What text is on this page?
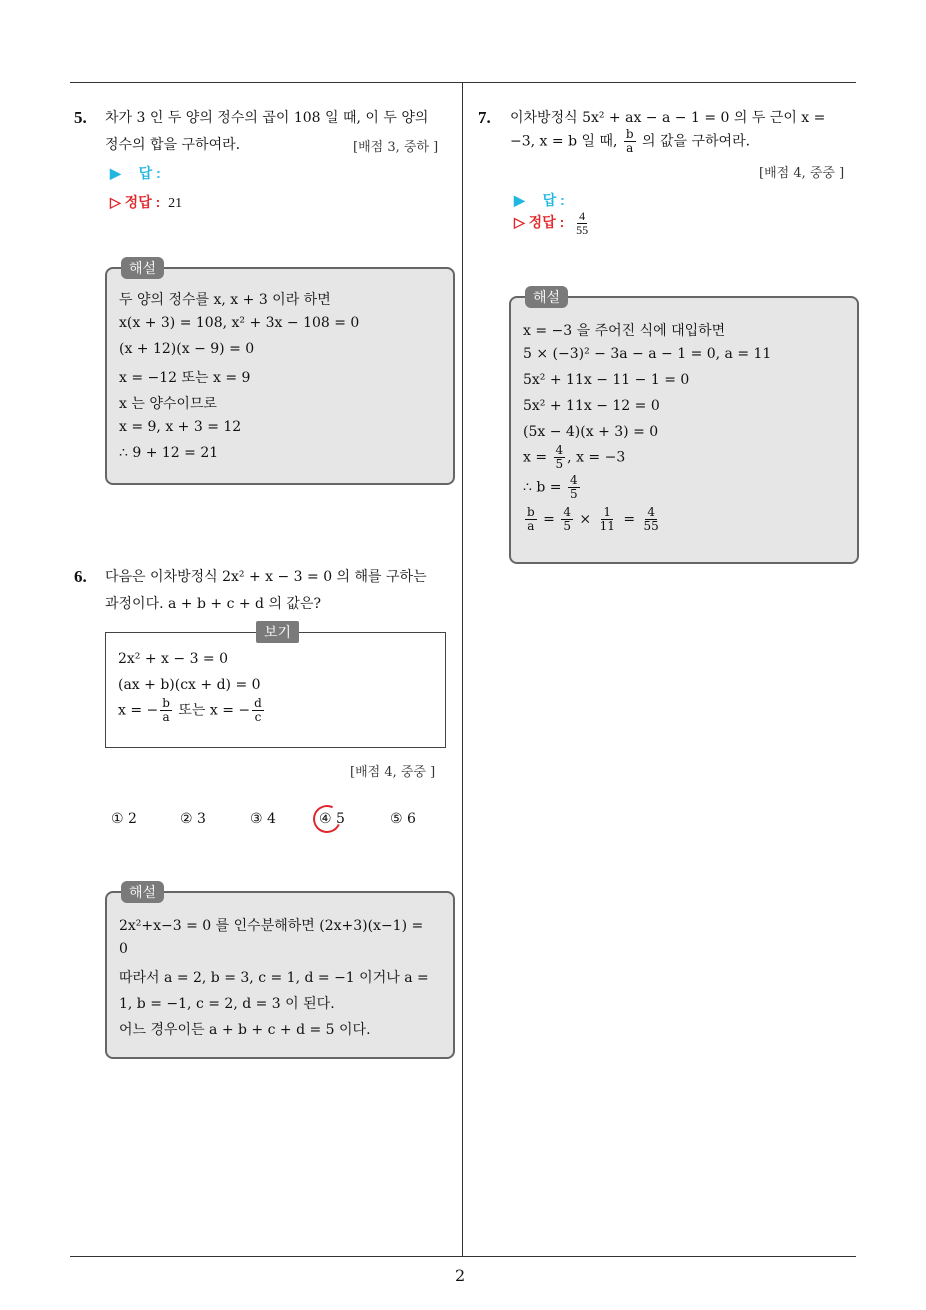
2
5. 차가 3 인 두 양의 정수의 곱이 108 일 때, 이 두 양의
정수의 합을 구하여라.	[배점 3, 중하 ]
▶ 답 :
▷ 정답 : 21
해설
두 양의 정수를 x, x + 3 이라 하면
x(x + 3) = 108, x² + 3x − 108 = 0
(x + 12)(x − 9) = 0
x = −12 또는 x = 9
x 는 양수이므로
x = 9, x + 3 = 12
∴ 9 + 12 = 21
6. 다음은 이차방정식 2x² + x − 3 = 0 의 해를 구하는
과정이다. a + b + c + d 의 값은?
보기
2x² + x − 3 = 0
(ax + b)(cx + d) = 0
x = − $\frac{b}{a}$ 또는 x = − $\frac{d}{c}$
[배점 4, 중중 ]
① 2	② 3	③ 4	④ 5	⑤ 6
해설
2x²+x−3 = 0 를 인수분해하면 (2x+3)(x−1) =
0
따라서 a = 2, b = 3, c = 1, d = −1 이거나 a =
1, b = −1, c = 2, d = 3 이 된다.
어느 경우이든 a + b + c + d = 5 이다.
7. 이차방정식 5x² + ax − a − 1 = 0 의 두 근이 x =
−3, x = b 일 때, $\frac{b}{a}$ 의 값을 구하여라.
[배점 4, 중중 ]
▶ 답 :
▷ 정답 : $\frac{4}{55}$
해설
x = −3 을 주어진 식에 대입하면
5 × (−3)² − 3a − a − 1 = 0, a = 11
5x² + 11x − 11 − 1 = 0
5x² + 11x − 12 = 0
(5x − 4)(x + 3) = 0
$x = \frac{4}{5}$ , x = −3
∴ $b = \frac{4}{5}$
$\frac{b}{a} = \frac{4}{5} \times \frac{1}{11} = \frac{4}{55}$
